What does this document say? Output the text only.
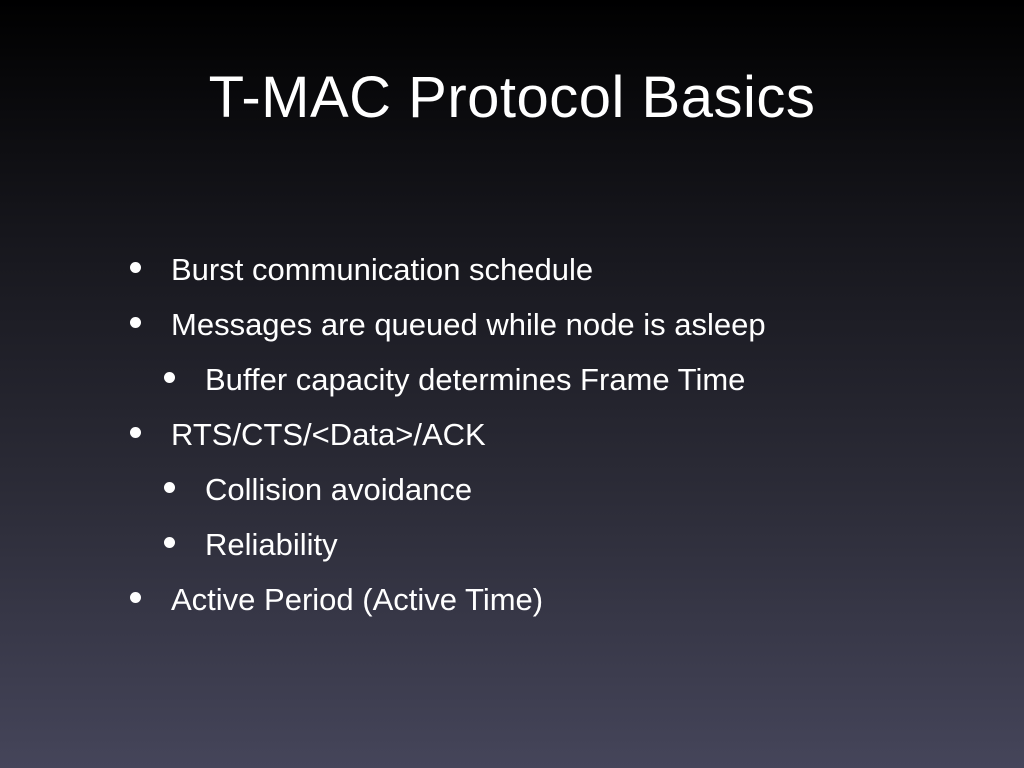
T-MAC Protocol Basics
Burst communication schedule
Messages are queued while node is asleep
Buffer capacity determines Frame Time
RTS/CTS/<Data>/ACK
Collision avoidance
Reliability
Active Period (Active Time)
